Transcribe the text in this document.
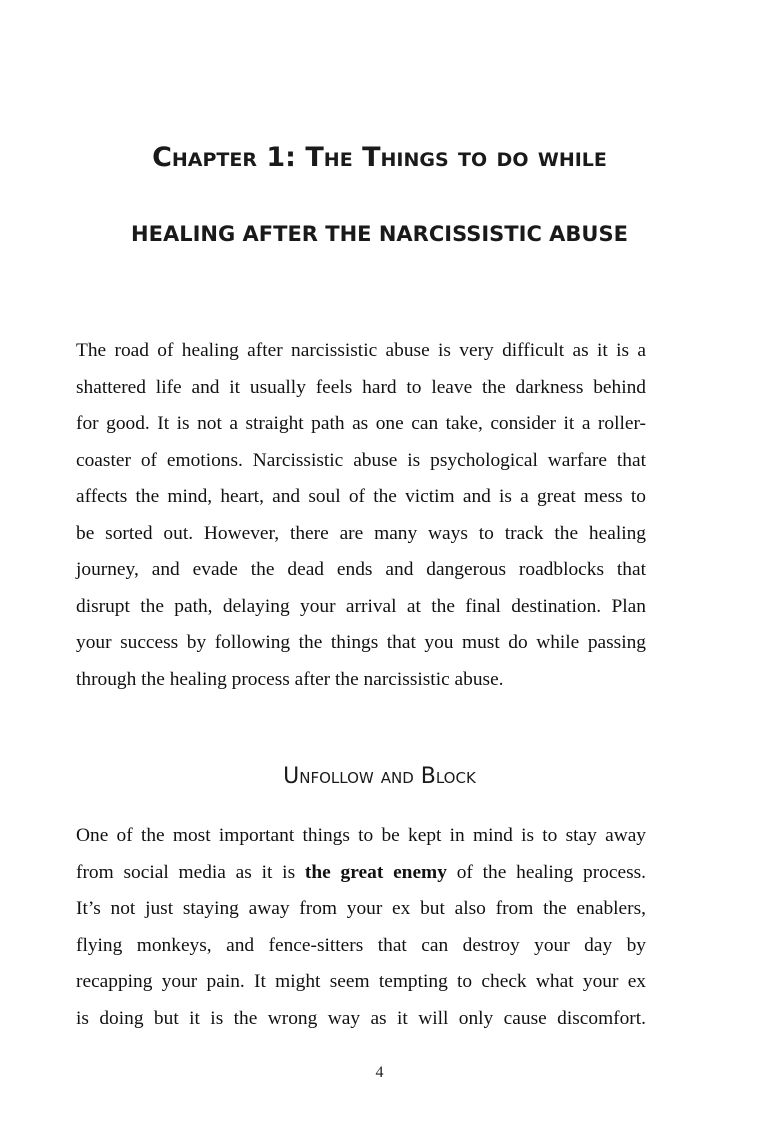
Chapter 1: The Things to do while
HEALING AFTER THE NARCISSISTIC ABUSE
The road of healing after narcissistic abuse is very difficult as it is a
shattered life and it usually feels hard to leave the darkness behind
for good. It is not a straight path as one can take, consider it a roller-
coaster of emotions. Narcissistic abuse is psychological warfare that
affects the mind, heart, and soul of the victim and is a great mess to
be sorted out. However, there are many ways to track the healing
journey, and evade the dead ends and dangerous roadblocks that
disrupt the path, delaying your arrival at the final destination. Plan
your success by following the things that you must do while passing
through the healing process after the narcissistic abuse.
Unfollow and Block
One of the most important things to be kept in mind is to stay away
from social media as it is the great enemy of the healing process.
It’s not just staying away from your ex but also from the enablers,
flying monkeys, and fence-sitters that can destroy your day by
recapping your pain. It might seem tempting to check what your ex
is doing but it is the wrong way as it will only cause discomfort.
4
